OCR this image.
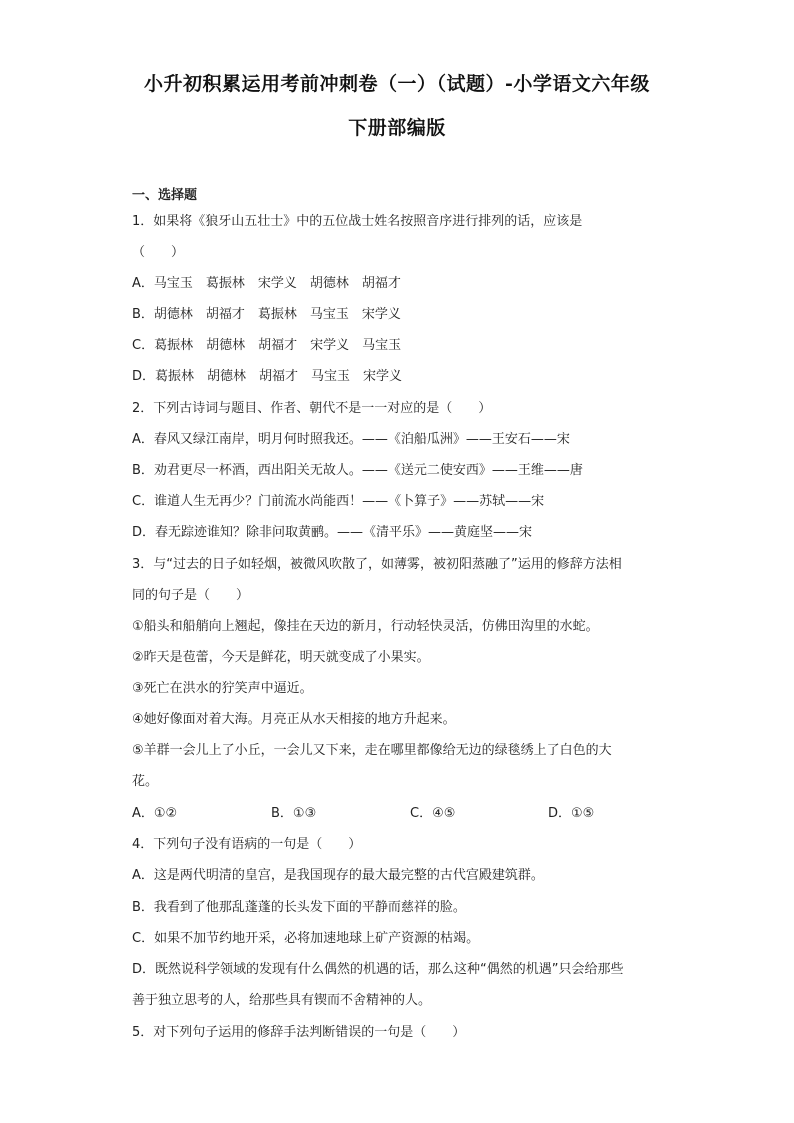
小升初积累运用考前冲刺卷（一）（试题）-小学语文六年级
下册部编版
一、选择题
1．如果将《狼牙山五壮士》中的五位战士姓名按照音序进行排列的话，应该是
（　　）
A．马宝玉　葛振林　宋学义　胡德林　胡福才
B．胡德林　胡福才　葛振林　马宝玉　宋学义
C．葛振林　胡德林　胡福才　宋学义　马宝玉
D．葛振林　胡德林　胡福才　马宝玉　宋学义
2．下列古诗词与题目、作者、朝代不是一一对应的是（　　）
A．春风又绿江南岸，明月何时照我还。——《泊船瓜洲》——王安石——宋
B．劝君更尽一杯酒，西出阳关无故人。——《送元二使安西》——王维——唐
C．谁道人生无再少？门前流水尚能西！——《卜算子》——苏轼——宋
D．春无踪迹谁知？除非问取黄鹂。——《清平乐》——黄庭坚——宋
3．与“过去的日子如轻烟，被微风吹散了，如薄雾，被初阳蒸融了”运用的修辞方法相
同的句子是（　　）
①船头和船艄向上翘起，像挂在天边的新月，行动轻快灵活，仿佛田沟里的水蛇。
②昨天是苞蕾，今天是鲜花，明天就变成了小果实。
③死亡在洪水的狞笑声中逼近。
④她好像面对着大海。月亮正从水天相接的地方升起来。
⑤羊群一会儿上了小丘，一会儿又下来，走在哪里都像给无边的绿毯绣上了白色的大
花。
A．①②	B．①③	C．④⑤	D．①⑤
4．下列句子没有语病的一句是（　　）
A．这是两代明清的皇宫，是我国现存的最大最完整的古代宫殿建筑群。
B．我看到了他那乱蓬蓬的长头发下面的平静而慈祥的脸。
C．如果不加节约地开采，必将加速地球上矿产资源的枯竭。
D．既然说科学领域的发现有什么偶然的机遇的话，那么这种“偶然的机遇”只会给那些
善于独立思考的人，给那些具有锲而不舍精神的人。
5．对下列句子运用的修辞手法判断错误的一句是（　　）
